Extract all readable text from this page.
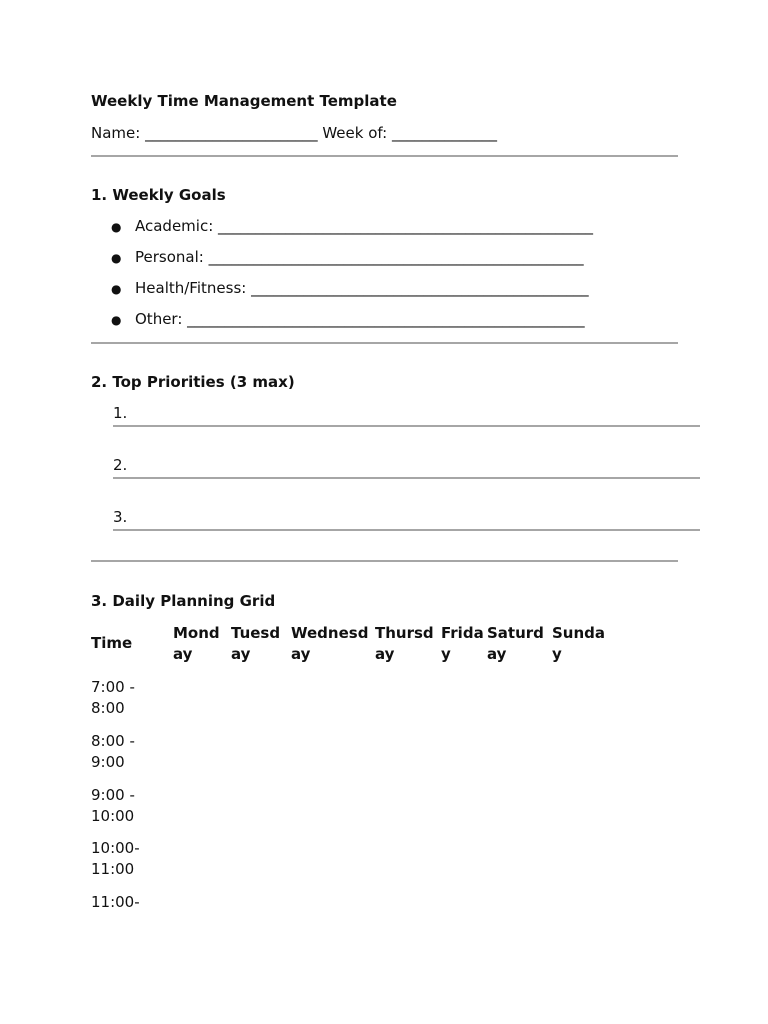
Weekly Time Management Template
Name: _______________________ Week of: ______________
1. Weekly Goals
● Academic: __________________________________________________
● Personal: __________________________________________________
● Health/Fitness: _____________________________________________
● Other: _____________________________________________________
2. Top Priorities (3 max)
1.
2.
3.
3. Daily Planning Grid
Time
Monday
Tuesday
Wednesday
Thursday
Friday
Saturday
Sunday
7:00 - 8:00
8:00 - 9:00
9:00 - 10:00
10:00- 11:00
11:00-
